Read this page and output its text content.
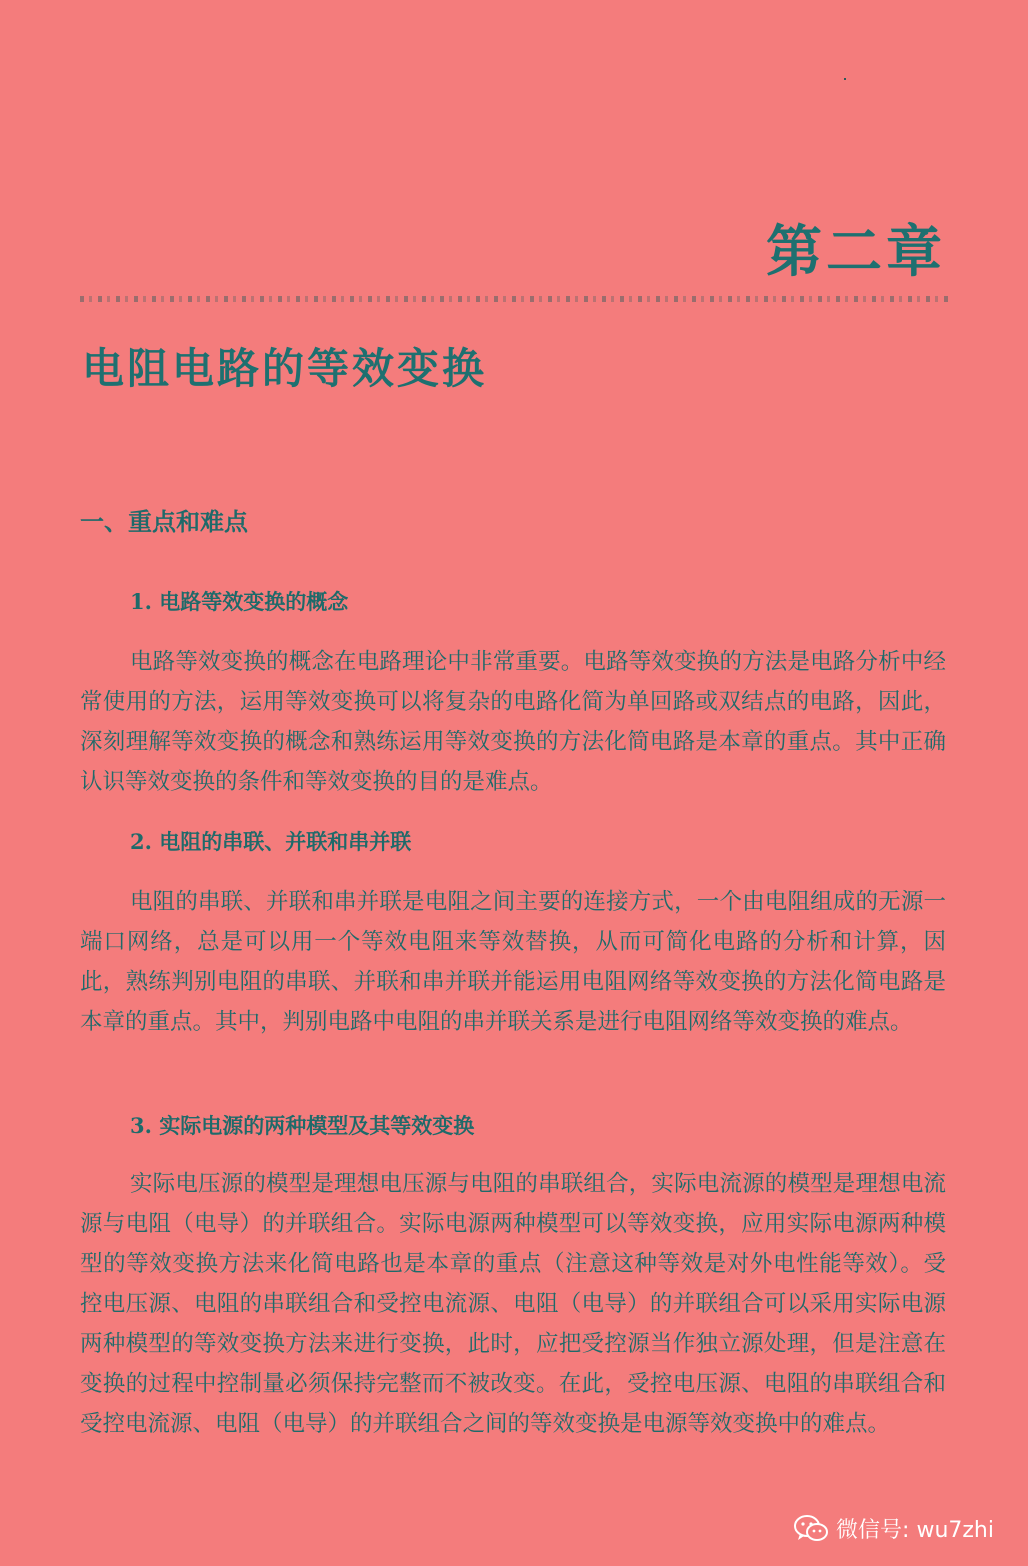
第二章
电阻电路的等效变换
一、重点和难点
1. 电路等效变换的概念

电路等效变换的概念在电路理论中非常重要。电路等效变换的方法是电路分析中经常使用的方法，运用等效变换可以将复杂的电路化简为单回路或双结点的电路，因此，深刻理解等效变换的概念和熟练运用等效变换的方法化简电路是本章的重点。其中正确认识等效变换的条件和等效变换的目的是难点。

2. 电阻的串联、并联和串并联

电阻的串联、并联和串并联是电阻之间主要的连接方式，一个由电阻组成的无源一端口网络，总是可以用一个等效电阻来等效替换，从而可简化电路的分析和计算，因此，熟练判别电阻的串联、并联和串并联并能运用电阻网络等效变换的方法化简电路是本章的重点。其中，判别电路中电阻的串并联关系是进行电阻网络等效变换的难点。

3. 实际电源的两种模型及其等效变换

实际电压源的模型是理想电压源与电阻的串联组合，实际电流源的模型是理想电流源与电阻（电导）的并联组合。实际电源两种模型可以等效变换，应用实际电源两种模型的等效变换方法来化简电路也是本章的重点（注意这种等效是对外电性能等效）。受控电压源、电阻的串联组合和受控电流源、电阻（电导）的并联组合可以采用实际电源两种模型的等效变换方法来进行变换，此时，应把受控源当作独立源处理，但是注意在变换的过程中控制量必须保持完整而不被改变。在此，受控电压源、电阻的串联组合和受控电流源、电阻（电导）的并联组合之间的等效变换是电源等效变换中的难点。

微信号: wu7zhi
